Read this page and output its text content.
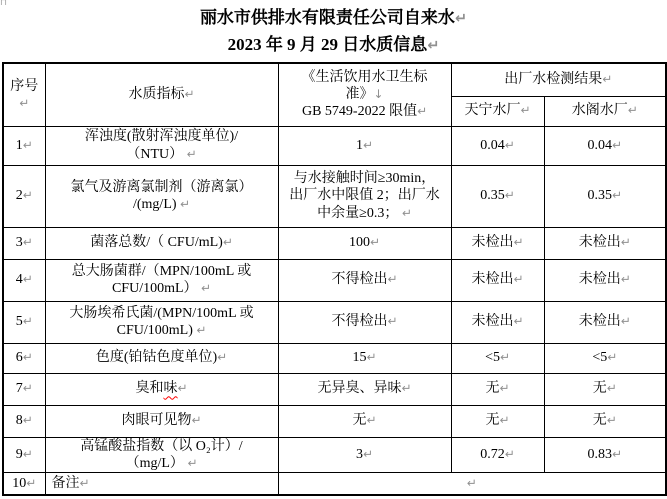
⊓
丽水市供排水有限责任公司自来水↵
2023 年 9 月 29 日水质信息↵
序号↵	水质指标↵	《生活饮用水卫生标
准》↓
GB 5749-2022 限值↵	出厂水检测结果↵	
			天宁水厂↵	水阁水厂↵
1↵	浑浊度(散射浑浊度单位)/
（NTU） ↵	1↵	0.04↵	0.04↵
2↵	氯气及游离氯制剂（游离氯）
/(mg/L) ↵	与水接触时间≥30min，
出厂水中限值 2；出厂水
中余量≥0.3； ↵	0.35↵	0.35↵
3↵	菌落总数/（ CFU/mL)↵	100↵	未检出↵	未检出↵
4↵	总大肠菌群/（MPN/100mL 或
CFU/100mL） ↵	不得检出↵	未检出↵	未检出↵
5↵	大肠埃希氏菌/(MPN/100mL 或
CFU/100mL) ↵	不得检出↵	未检出↵	未检出↵
6↵	色度(铂钴色度单位)↵	15↵	<5↵	<5↵
7↵	臭和味↵	无异臭、异味↵	无↵	无↵
8↵	肉眼可见物↵	无↵	无↵	无↵
9↵	高锰酸盐指数（以 O₂计）/
（mg/L） ↵	3↵	0.72↵	0.83↵
10↵	备注↵	↵		
